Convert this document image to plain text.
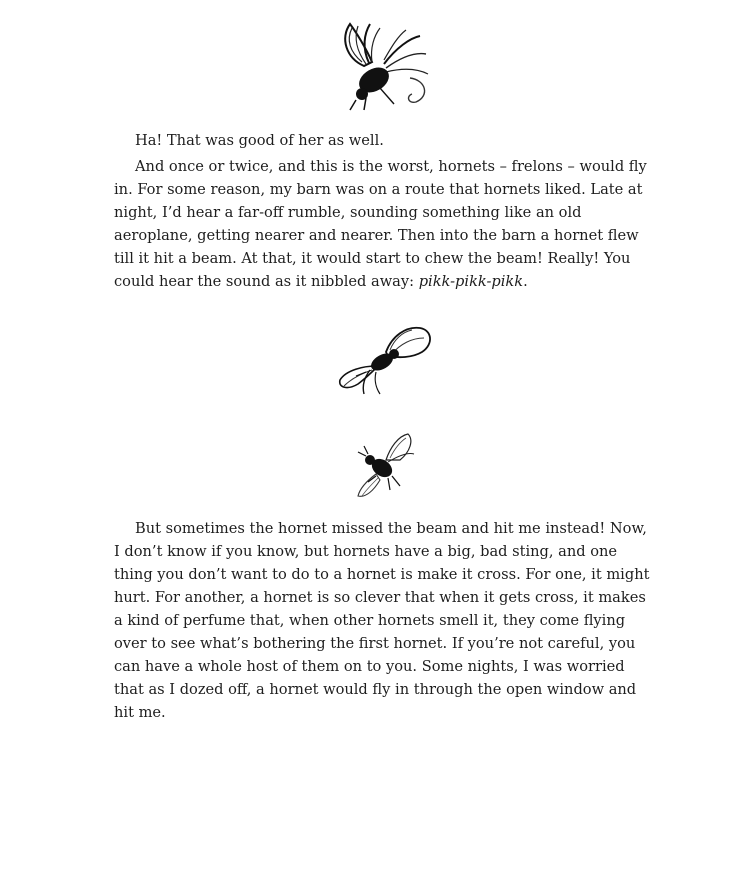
Ha! That was good of her as well.

And once or twice, and this is the worst, hornets – frelons – would fly in. For some reason, my barn was on a route that hornets liked. Late at night, I’d hear a far-off rumble, sounding something like an old aeroplane, getting nearer and nearer. Then into the barn a hornet flew till it hit a beam. At that, it would start to chew the beam! Really! You could hear the sound as it nibbled away: pikk-pikk-pikk.

But sometimes the hornet missed the beam and hit me instead! Now, I don’t know if you know, but hornets have a big, bad sting, and one thing you don’t want to do to a hornet is make it cross. For one, it might hurt. For another, a hornet is so clever that when it gets cross, it makes a kind of perfume that, when other hornets smell it, they come flying over to see what’s bothering the first hornet. If you’re not careful, you can have a whole host of them on to you. Some nights, I was worried that as I dozed off, a hornet would fly in through the open window and hit me.
